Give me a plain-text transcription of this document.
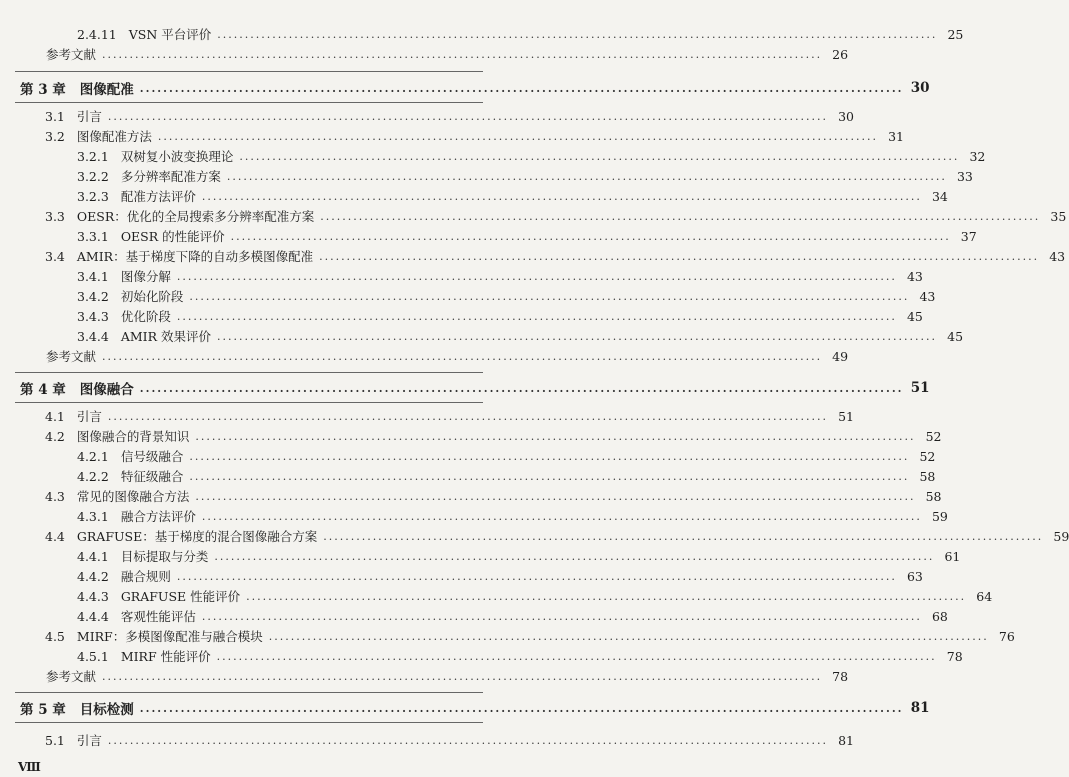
2.4.11 VSN 平台评价 .....	25
参考文献 .....	26
第 3 章 图像配准 .....	30
3.1 引言 .....	30
3.2 图像配准方法 .....	31
3.2.1 双树复小波变换理论 .....	32
3.2.2 多分辨率配准方案 .....	33
3.2.3 配准方法评价 .....	34
3.3 OESR：优化的全局搜索多分辨率配准方案 .....	35
3.3.1 OESR 的性能评价 .....	37
3.4 AMIR：基于梯度下降的自动多模图像配准 .....	43
3.4.1 图像分解 .....	43
3.4.2 初始化阶段 .....	43
3.4.3 优化阶段 .....	45
3.4.4 AMIR 效果评价 .....	45
参考文献 .....	49
第 4 章 图像融合 .....	51
4.1 引言 .....	51
4.2 图像融合的背景知识 .....	52
4.2.1 信号级融合 .....	52
4.2.2 特征级融合 .....	58
4.3 常见的图像融合方法 .....	58
4.3.1 融合方法评价 .....	59
4.4 GRAFUSE：基于梯度的混合图像融合方案 .....	59
4.4.1 目标提取与分类 .....	61
4.4.2 融合规则 .....	63
4.4.3 GRAFUSE 性能评价 .....	64
4.4.4 客观性能评估 .....	68
4.5 MIRF：多模图像配准与融合模块 .....	76
4.5.1 MIRF 性能评价 .....	78
参考文献 .....	78
第 5 章 目标检测 .....	81
5.1 引言 .....	81
Ⅷ
